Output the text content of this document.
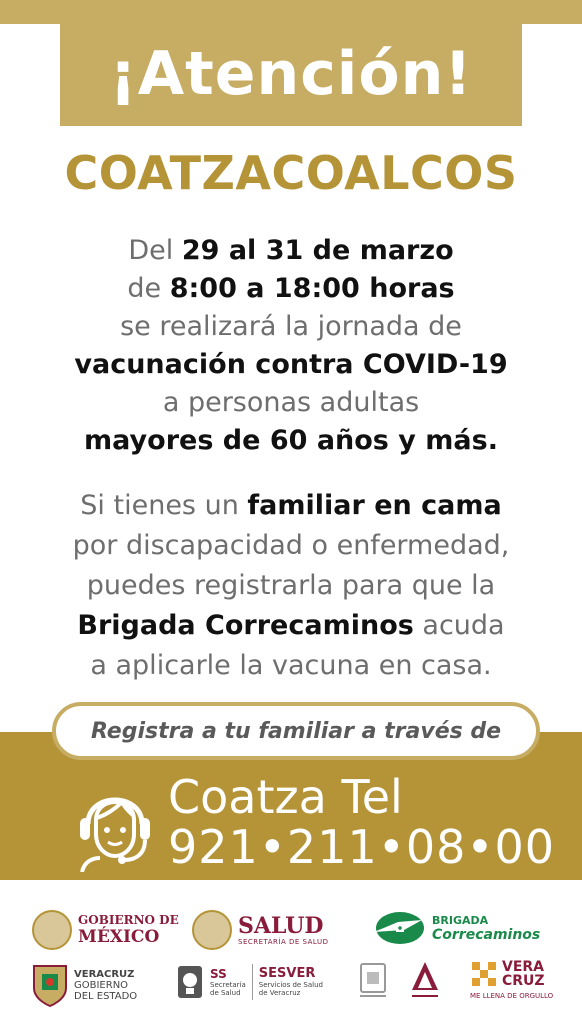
¡Atención!
COATZACOALCOS
Del 29 al 31 de marzo
de 8:00 a 18:00 horas
se realizará la jornada de
vacunación contra COVID-19
a personas adultas
mayores de 60 años y más.
Si tienes un familiar en cama
por discapacidad o enfermedad,
puedes registrarla para que la
Brigada Correcaminos acuda
a aplicarle la vacuna en casa.
Registra a tu familiar a través de
Coatza Tel
921•211•08•00
GOBIERNO DE
MÉXICO	SALUD
SECRETARÍA DE SALUD
BRIGADA
Correcaminos
VERACRUZ
GOBIERNO
DEL ESTADO
SS
Secretaría
de Salud
SESVER
Servicios de Salud
de Veracruz
VERA
CRUZ
ME LLENA DE ORGULLO
